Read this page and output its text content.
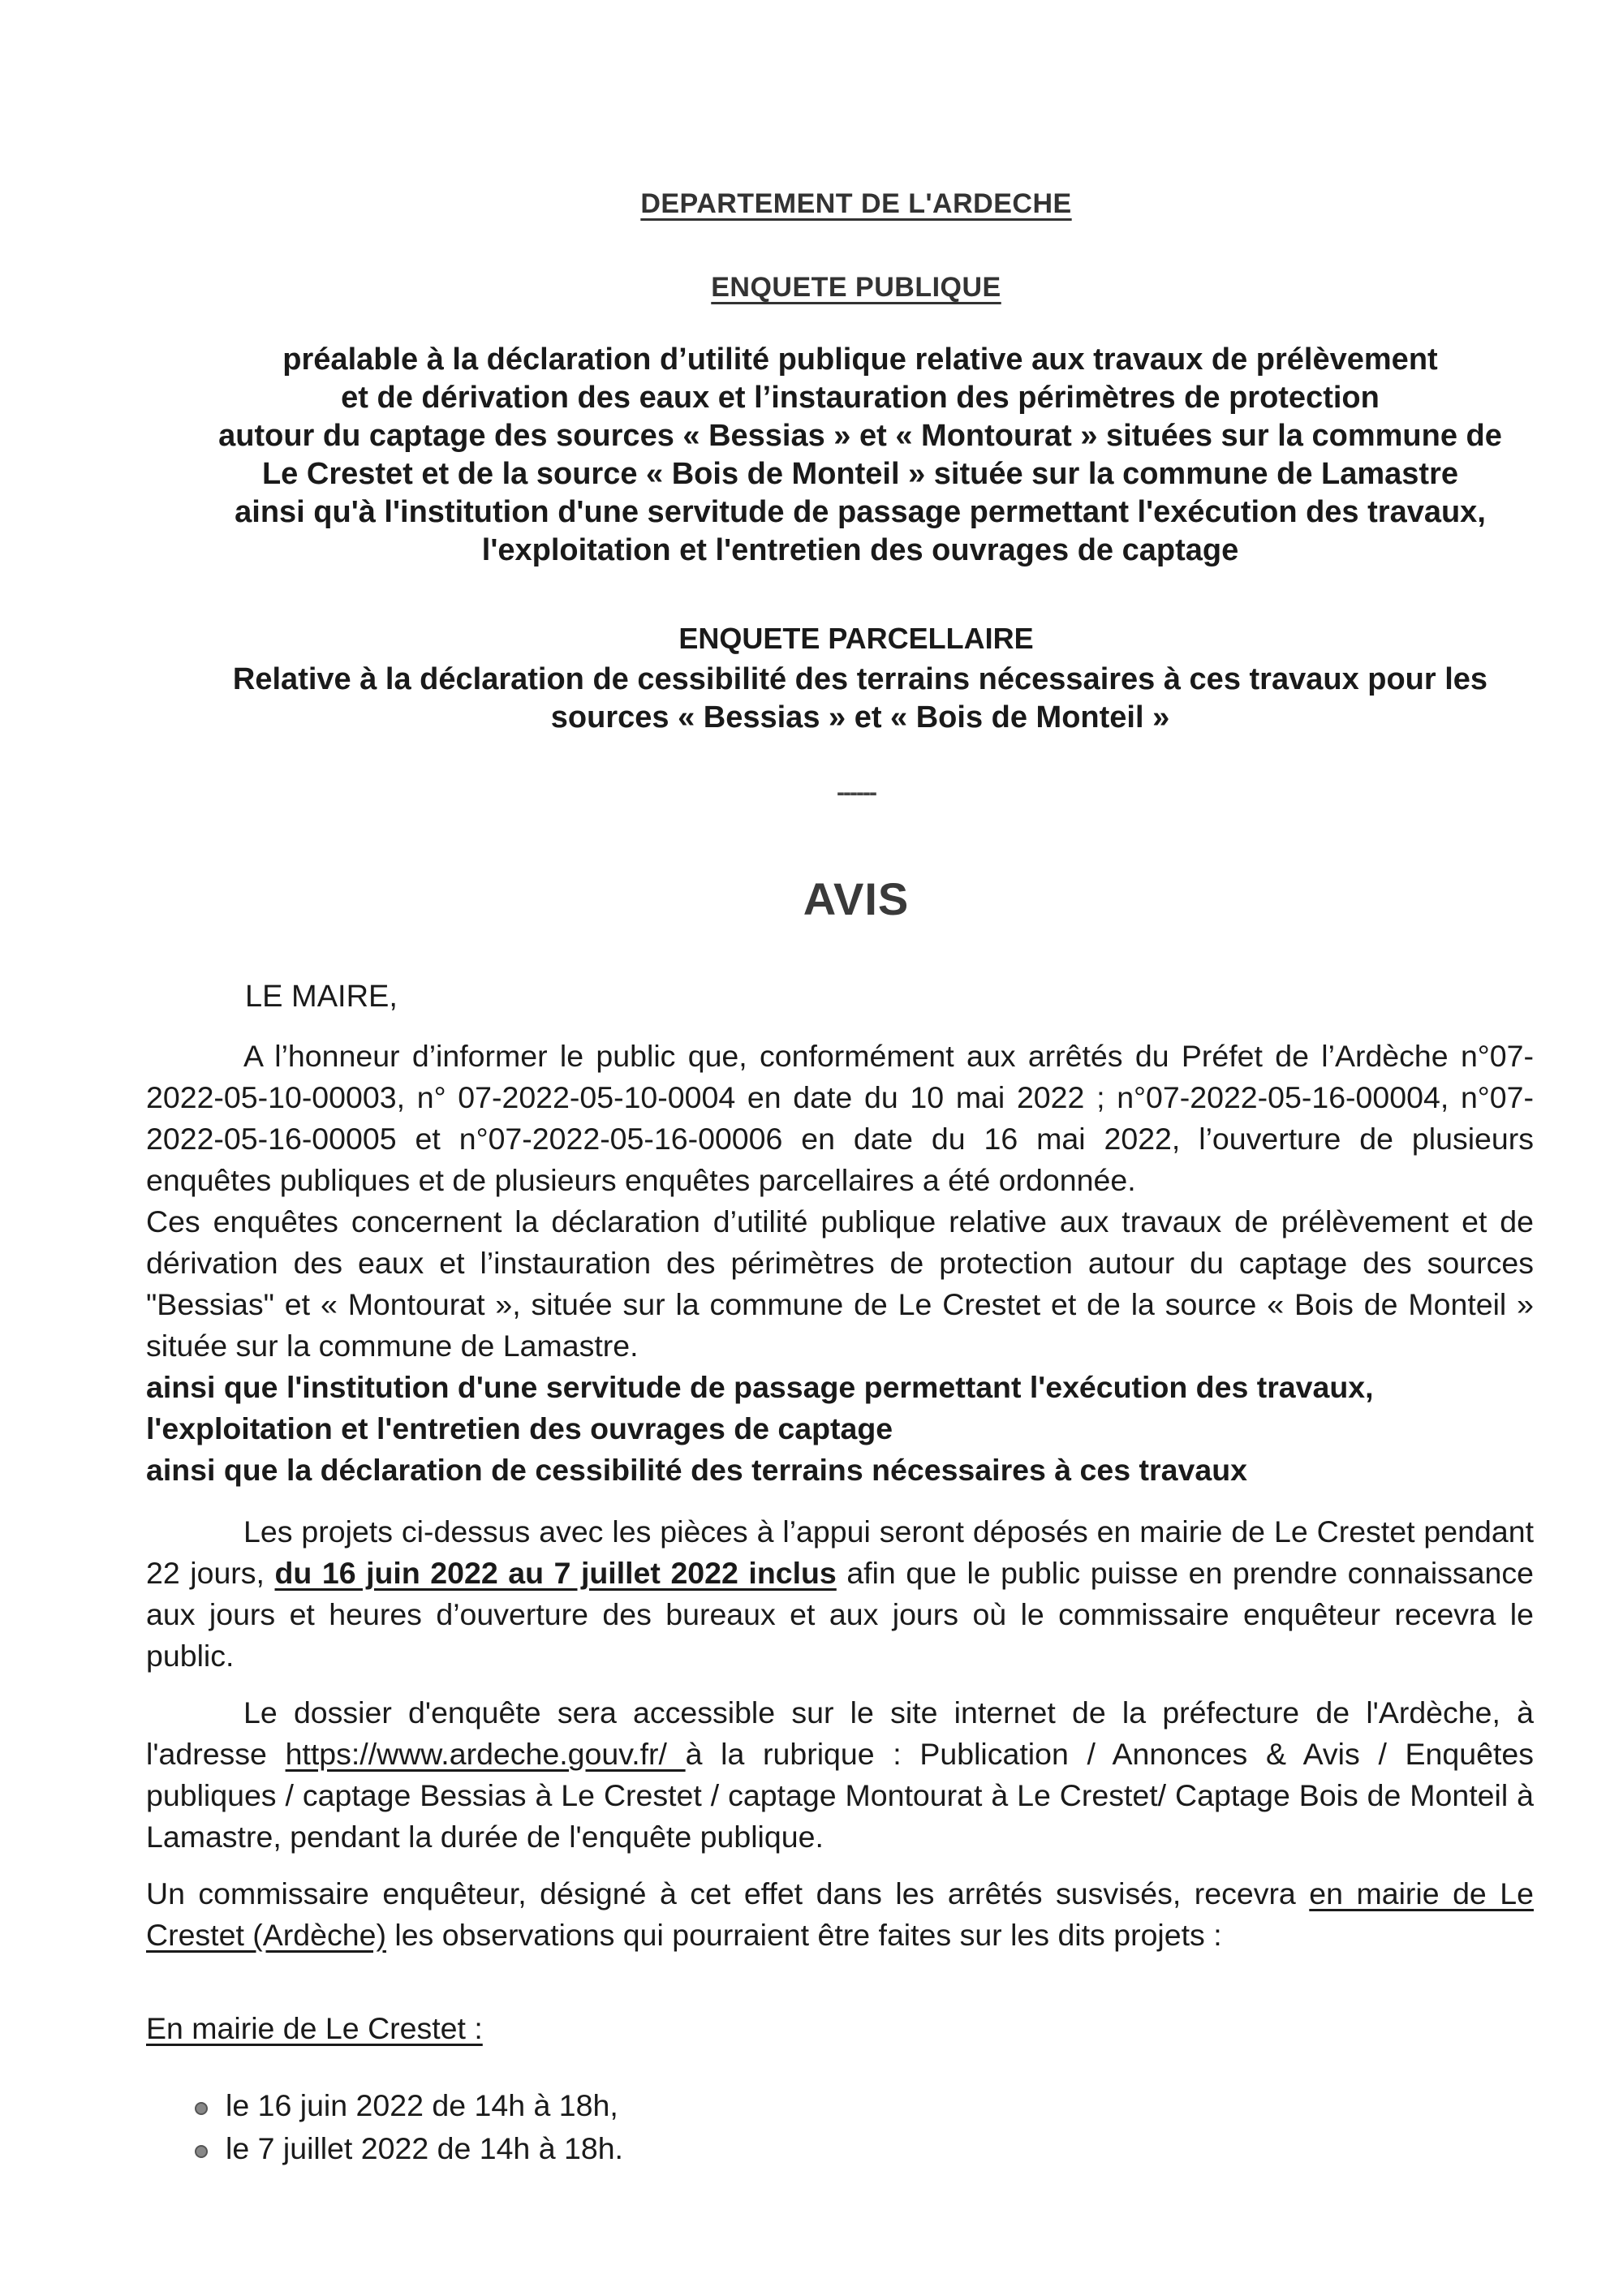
DEPARTEMENT DE L'ARDECHE
ENQUETE PUBLIQUE
préalable à la déclaration d’utilité publique relative aux travaux de prélèvement
et de dérivation des eaux et l’instauration des périmètres de protection
autour du captage des sources « Bessias » et « Montourat » situées sur la commune de
Le Crestet et de la source « Bois de Monteil » située sur la commune de Lamastre
ainsi qu'à l'institution d'une servitude de passage permettant l'exécution des travaux,
l'exploitation et l'entretien des ouvrages de captage
ENQUETE PARCELLAIRE
Relative à la déclaration de cessibilité des terrains nécessaires à ces travaux pour les
sources « Bessias » et « Bois de Monteil »
------
AVIS
LE MAIRE,

A l’honneur d’informer le public que, conformément aux arrêtés du Préfet de l’Ardèche n°07-2022-05-10-00003, n° 07-2022-05-10-0004 en date du 10 mai 2022 ; n°07-2022-05-16-00004, n°07-2022-05-16-00005 et n°07-2022-05-16-00006 en date du 16 mai 2022, l’ouverture de plusieurs enquêtes publiques et de plusieurs enquêtes parcellaires a été ordonnée.

Ces enquêtes concernent la déclaration d’utilité publique relative aux travaux de prélèvement et de dérivation des eaux et l’instauration des périmètres de protection autour du captage des sources "Bessias" et « Montourat », située sur la commune de Le Crestet et de la source « Bois de Monteil » située sur la commune de Lamastre.

ainsi que l'institution d'une servitude de passage permettant l'exécution des travaux,

l'exploitation et l'entretien des ouvrages de captage

ainsi que la déclaration de cessibilité des terrains nécessaires à ces travaux

Les projets ci-dessus avec les pièces à l’appui seront déposés en mairie de Le Crestet pendant 22 jours, du 16 juin 2022 au 7 juillet 2022 inclus afin que le public puisse en prendre connaissance aux jours et heures d’ouverture des bureaux et aux jours où le commissaire enquêteur recevra le public.

Le dossier d'enquête sera accessible sur le site internet de la préfecture de l'Ardèche, à l'adresse https://www.ardeche.gouv.fr/ à la rubrique : Publication / Annonces & Avis / Enquêtes publiques / captage Bessias à Le Crestet / captage Montourat à Le Crestet/ Captage Bois de Monteil à Lamastre, pendant la durée de l'enquête publique.

Un commissaire enquêteur, désigné à cet effet dans les arrêtés susvisés, recevra en mairie de Le Crestet (Ardèche) les observations qui pourraient être faites sur les dits projets :

En mairie de Le Crestet :
le 16 juin 2022 de 14h à 18h,
le 7 juillet 2022 de 14h à 18h.
